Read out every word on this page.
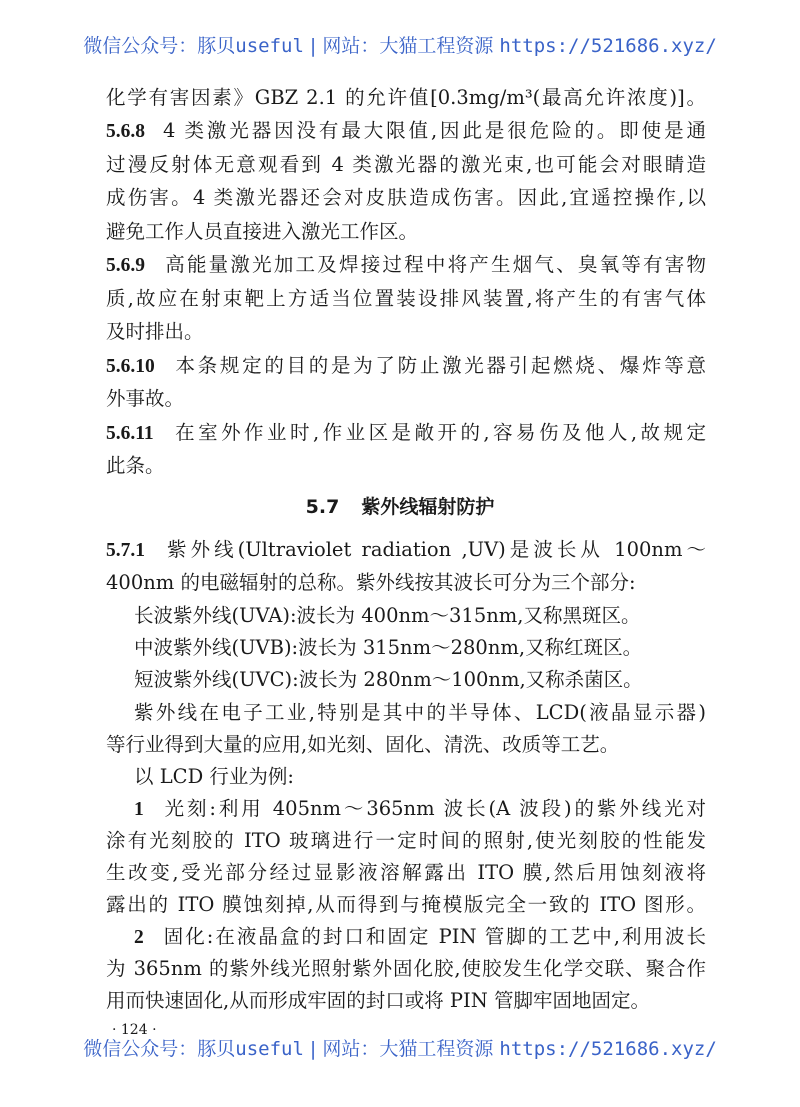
微信公众号：豚贝useful | 网站：大猫工程资源 https://521686.xyz/
化学有害因素》GBZ 2.1 的允许值[0.3mg/m³(最高允许浓度)]。
5.6.8 4 类激光器因没有最大限值,因此是很危险的。即使是通
过漫反射体无意观看到 4 类激光器的激光束,也可能会对眼睛造
成伤害。4 类激光器还会对皮肤造成伤害。因此,宜遥控操作,以
避免工作人员直接进入激光工作区。
5.6.9 高能量激光加工及焊接过程中将产生烟气、臭氧等有害物
质,故应在射束靶上方适当位置装设排风装置,将产生的有害气体
及时排出。
5.6.10 本条规定的目的是为了防止激光器引起燃烧、爆炸等意
外事故。
5.6.11 在室外作业时,作业区是敞开的,容易伤及他人,故规定
此条。
5.7 紫外线辐射防护
5.7.1 紫外线(Ultraviolet radiation ,UV)是波长从 100nm～
400nm 的电磁辐射的总称。紫外线按其波长可分为三个部分:
长波紫外线(UVA):波长为 400nm～315nm,又称黑斑区。
中波紫外线(UVB):波长为 315nm～280nm,又称红斑区。
短波紫外线(UVC):波长为 280nm～100nm,又称杀菌区。
紫外线在电子工业,特别是其中的半导体、LCD(液晶显示器)
等行业得到大量的应用,如光刻、固化、清洗、改质等工艺。
以 LCD 行业为例:
1 光刻:利用 405nm～365nm 波长(A 波段)的紫外线光对
涂有光刻胶的 ITO 玻璃进行一定时间的照射,使光刻胶的性能发
生改变,受光部分经过显影液溶解露出 ITO 膜,然后用蚀刻液将
露出的 ITO 膜蚀刻掉,从而得到与掩模版完全一致的 ITO 图形。
2 固化:在液晶盒的封口和固定 PIN 管脚的工艺中,利用波长
为 365nm 的紫外线光照射紫外固化胶,使胶发生化学交联、聚合作
用而快速固化,从而形成牢固的封口或将 PIN 管脚牢固地固定。
· 124 ·
微信公众号：豚贝useful | 网站：大猫工程资源 https://521686.xyz/
